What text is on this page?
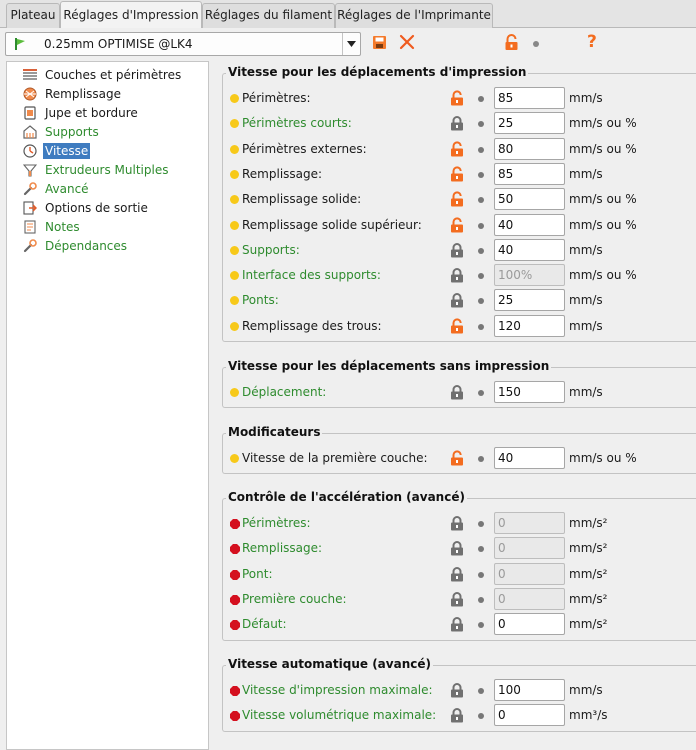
Plateau Réglages d'Impression Réglages du filament Réglages de l'Imprimante
0.25mm OPTIMISE @LK4	?
Couches et périmètres
Remplissage
Jupe et bordure
Supports
Vitesse
Extrudeurs Multiples
Avancé
Options de sortie
Notes
Dépendances
Vitesse pour les déplacements d'impression
Périmètres:
85	mm/s
Périmètres courts:
25	mm/s ou %
Périmètres externes:
80	mm/s ou %
Remplissage:
85	mm/s
Remplissage solide:
50	mm/s ou %
Remplissage solide supérieur:
40	mm/s ou %
Supports:
40	mm/s
Interface des supports:
100%	mm/s ou %
Ponts:
25	mm/s
Remplissage des trous:
120	mm/s
Vitesse pour les déplacements sans impression
Déplacement:
150	mm/s
Modificateurs
Vitesse de la première couche:
40	mm/s ou %
Contrôle de l'accélération (avancé)
Périmètres:
0	mm/s²
Remplissage:
0	mm/s²
Pont:
0	mm/s²
Première couche:
0	mm/s²
Défaut:
0	mm/s²
Vitesse automatique (avancé)
Vitesse d'impression maximale:
100	mm/s
Vitesse volumétrique maximale:
0	mm³/s
